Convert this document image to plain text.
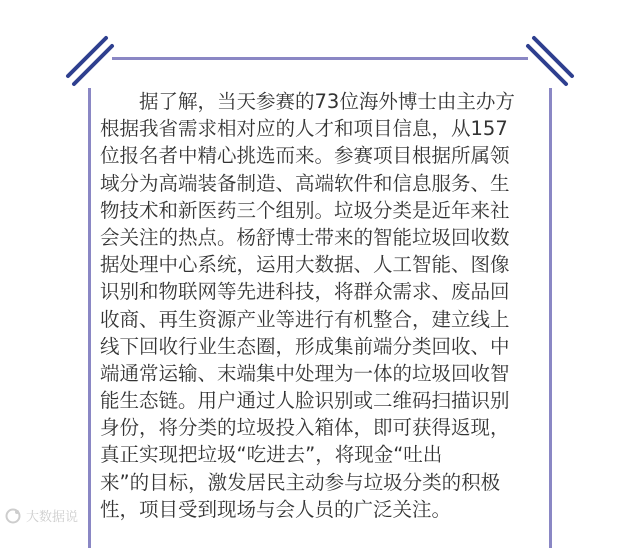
　　据了解，当天参赛的73位海外博士由主办方
根据我省需求相对应的人才和项目信息，从157
位报名者中精心挑选而来。参赛项目根据所属领
域分为高端装备制造、高端软件和信息服务、生
物技术和新医药三个组别。垃圾分类是近年来社
会关注的热点。杨舒博士带来的智能垃圾回收数
据处理中心系统，运用大数据、人工智能、图像
识别和物联网等先进科技，将群众需求、废品回
收商、再生资源产业等进行有机整合，建立线上
线下回收行业生态圈，形成集前端分类回收、中
端通常运输、末端集中处理为一体的垃圾回收智
能生态链。用户通过人脸识别或二维码扫描识别
身份，将分类的垃圾投入箱体，即可获得返现，
真正实现把垃圾“吃进去”，将现金“吐出
来”的目标，激发居民主动参与垃圾分类的积极
性，项目受到现场与会人员的广泛关注。
大数据说
